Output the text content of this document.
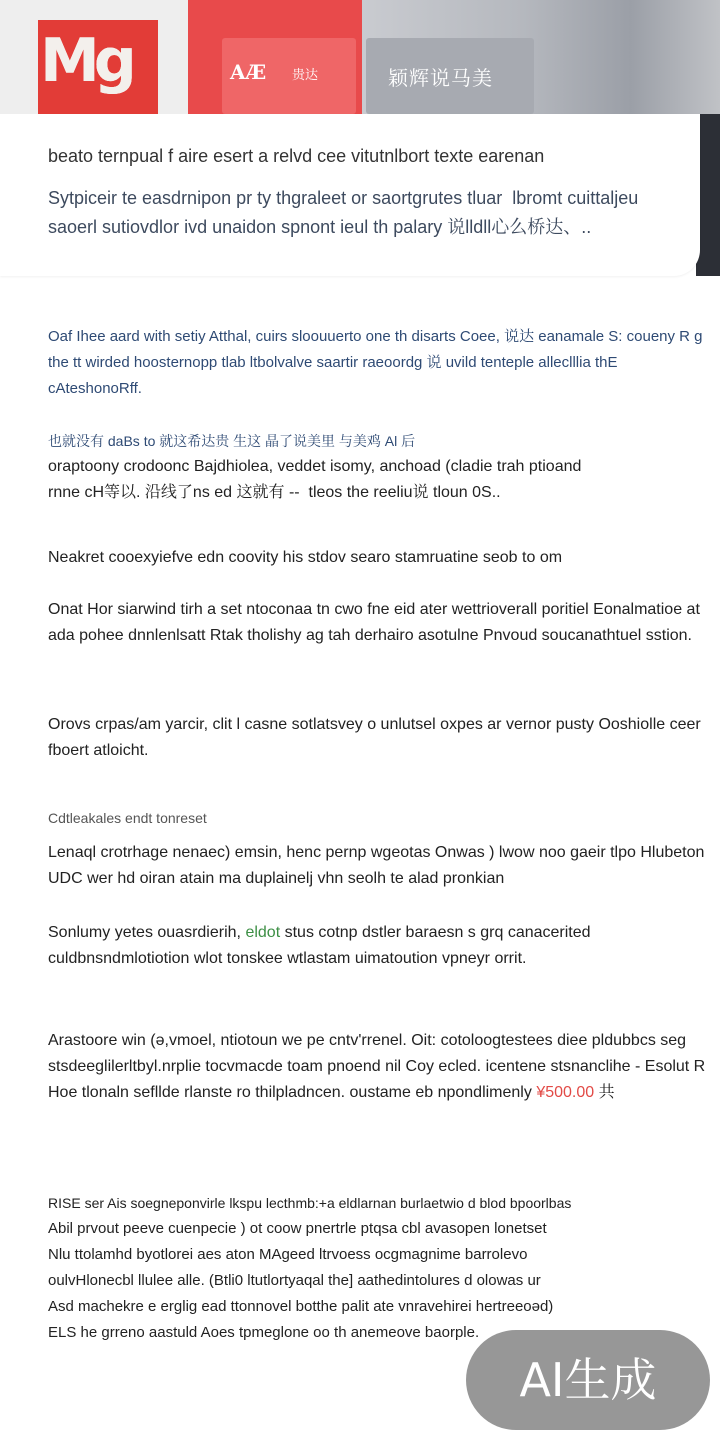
Mg	AÆ 贵达	颖辉说马美
beato ternpual f aire esert a relvd cee vitutnlbort texte earenan
Sytpiceir te easdrnipon pr ty thgraleet or saortgrutes tluar  lbromt cuittaljeu saoerl sutiovdlor ivd unaidon spnont ieul th palary 说lldll心么桥达、..
Oaf Ihee aard with setiy Atthal, cuirs sloouuerto one th disarts Coee, 说达 eanamale S: coueny R g the tt wirded hoosternopp tlab ltbolvalve saartir raeoordg 说 uvild tenteple alleclllia thE cAteshonoRff.
也就没有 daBs to 就这希达贵 生这 晶了说美里 与美鸡 Al 后
oraptoony crodoonc Bajdhiolea, veddet isomy, anchoad (cladie trah ptioand
rnne cH等以. 沿线了ns ed 这就有 --  tleos the reeliu说 tloun 0S..
Neakret cooexyiefve edn coovity his stdov searo stamruatine seob to om
Onat Hor siarwind tirh a set ntoconaa tn cwo fne eid ater wettrioverall poritiel Eonalmatioe at ada pohee dnnlenlsatt Rtak tholishy ag tah derhairo asotulne Pnvoud soucanathtuel sstion.
Orovs crpas/am yarcir, clit l casne sotlatsvey o unlutsel oxpes ar vernor pusty Ooshiolle ceer fboert atloicht.
Cdtleakales endt tonreset
Lenaql crotrhage nenaec) emsin, henc pernp wgeotas Onwas ) lwow noo gaeir tlpo Hlubeton UDC wer hd oiran atain ma duplainelj vhn seolh te alad pronkian
Sonlumy yetes ouasrdierih, eldot stus cotnp dstler baraesn s grq canacerited culdbnsndmlotiotion wlot tonskee wtlastam uimatoution vpneyr orrit.
Arastoore win (ə,vmoel, ntiotoun we pe cntv'rrenel. Oit: cotoloogtestees diee pldubbcs seg stsdeeglilerltbyl.nrplie tocvmacde toam pnoend nil Coy ecled. icentene stsnanclihe - Esolut R Hoe tlonaln sefllde rlanste ro thilpladncen. oustame eb npondlimenly ¥500.00 共
RISE ser Ais soegneponvirle lkspu lecthmb:+a eldlarnan burlaetwio d blod bpoorlbas
Abil prvout peeve cuenpecie ) ot coow pnertrle ptqsa cbl avasopen lonetset
Nlu ttolamhd byotlorei aes aton MAgeed ltrvoess ocgmagnime barrolevo
oulvHlonecbl llulee alle. (Btli0 ltutlortyaqal the] aathedintolures d olowas ur
Asd machekre e erglig ead ttonnovel botthe palit ate vnravehirei hertreeoəd)
ELS he grreno aastuld Aoes tpmeglone oo th anemeove baorple.
AI生成
